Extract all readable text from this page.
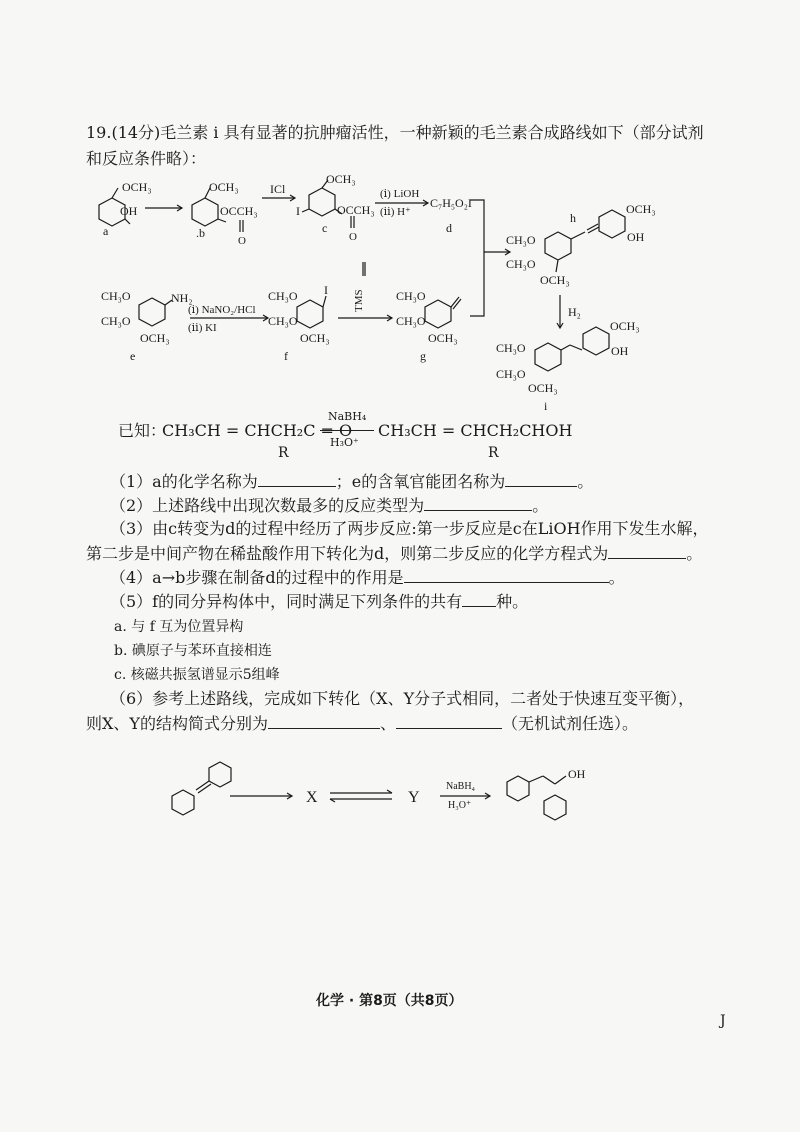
19.(14分)毛兰素 i 具有显著的抗肿瘤活性，一种新颖的毛兰素合成路线如下（部分试剂
和反应条件略）：
OCH₃
OH
a
OCH₃
OCCH₃
O
.b
ICl
OCH₃
I	OCCH₃
O
c
(ⅰ) LiOH
(ⅱ) H⁺
C₇H₅O₂I
d
h
OCH₃
OH
CH₃O
CH₃O
OCH₃
H₂
OCH₃
OH
CH₃O
CH₃O
OCH₃
i
CH₃O
CH₃O
NH₂
OCH₃
e
(ⅰ) NaNO₂/HCl
(ⅱ) KI
CH₃O
CH₃O
I
OCH₃
f
TMS	CH₃O
CH₃O
OCH₃
g
已知：
CH₃CH = CHCH₂C = O
R
NaBH₄
H₃O⁺
CH₃CH = CHCH₂CHOH
R
（1）a的化学名称为	；e的含氧官能团名称为	。
（2）上述路线中出现次数最多的反应类型为	。
（3）由c转变为d的过程中经历了两步反应:第一步反应是c在LiOH作用下发生水解，
第二步是中间产物在稀盐酸作用下转化为d，则第二步反应的化学方程式为	。
（4）a→b步骤在制备d的过程中的作用是	。
（5）f的同分异构体中，同时满足下列条件的共有 种。
a. 与 f 互为位置异构
b. 碘原子与苯环直接相连
c. 核磁共振氢谱显示5组峰
（6）参考上述路线，完成如下转化（X、Y分子式相同，二者处于快速互变平衡），
则X、Y的结构简式分别为	、	（无机试剂任选）。
X	Y
NaBH₄
H₃O⁺
OH
化学 · 第8页（共8页）
J
